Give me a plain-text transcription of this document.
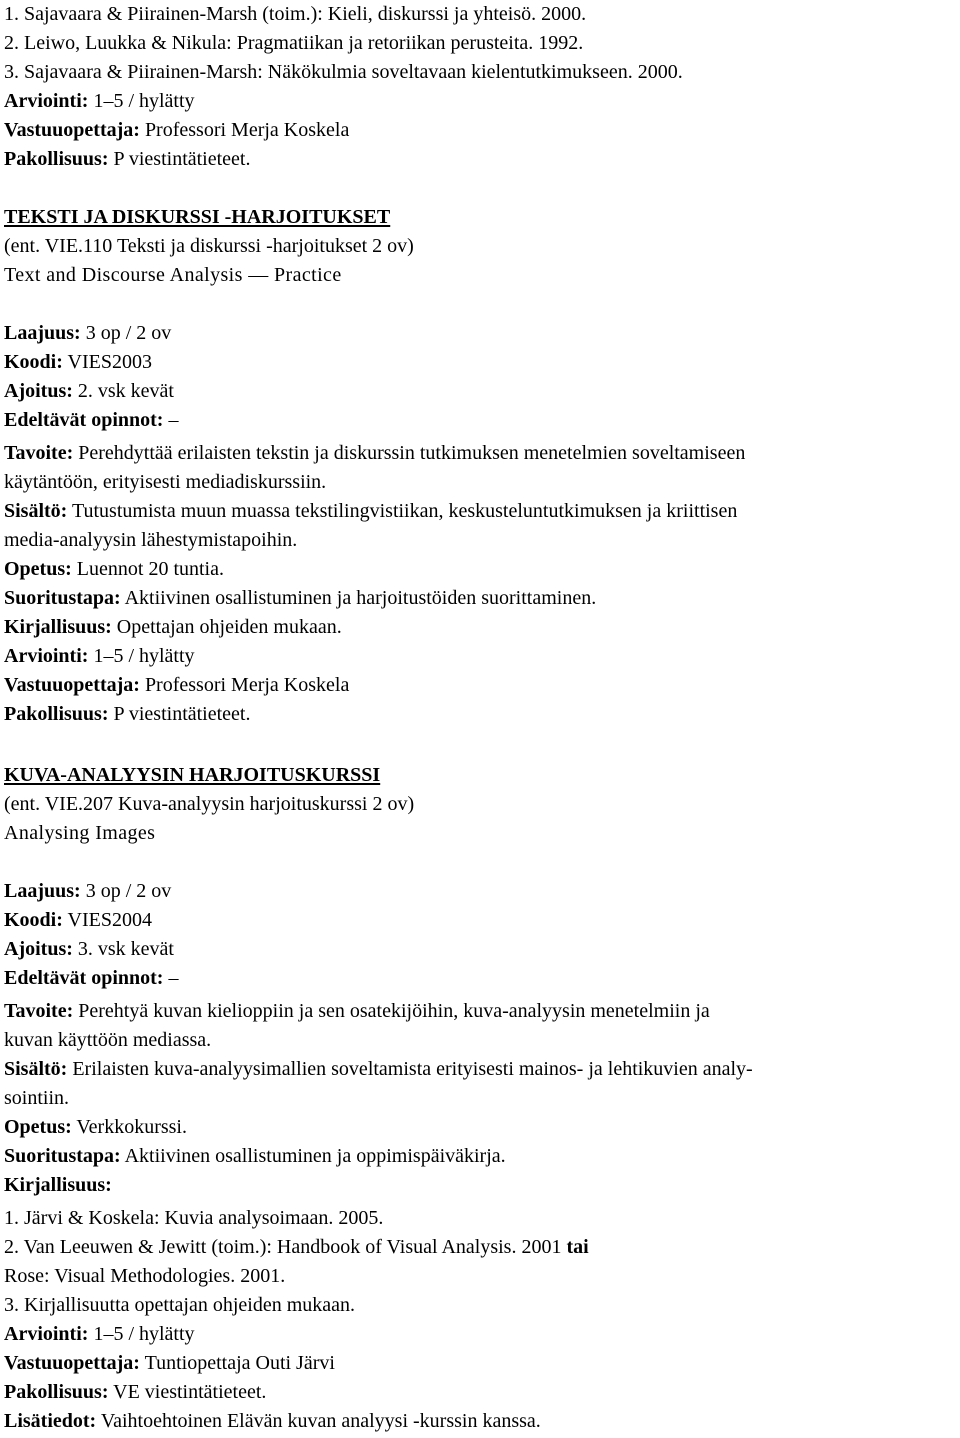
1. Sajavaara & Piirainen-Marsh (toim.): Kieli, diskurssi ja yhteisö. 2000.
2. Leiwo, Luukka & Nikula: Pragmatiikan ja retoriikan perusteita. 1992.
3. Sajavaara & Piirainen-Marsh: Näkökulmia soveltavaan kielentutkimukseen. 2000.
Arviointi: 1–5 / hylätty
Vastuuopettaja: Professori Merja Koskela
Pakollisuus: P viestintätieteet.
TEKSTI JA DISKURSSI -HARJOITUKSET
(ent. VIE.110 Teksti ja diskurssi -harjoitukset 2 ov)
Text and Discourse Analysis — Practice
Laajuus: 3 op / 2 ov
Koodi: VIES2003
Ajoitus: 2. vsk kevät
Edeltävät opinnot: –
Tavoite: Perehdyttää erilaisten tekstin ja diskurssin tutkimuksen menetelmien soveltamiseen
käytäntöön, erityisesti mediadiskurssiin.
Sisältö: Tutustumista muun muassa tekstilingvistiikan, keskusteluntutkimuksen ja kriittisen
media-analyysin lähestymistapoihin.
Opetus: Luennot 20 tuntia.
Suoritustapa: Aktiivinen osallistuminen ja harjoitustöiden suorittaminen.
Kirjallisuus: Opettajan ohjeiden mukaan.
Arviointi: 1–5 / hylätty
Vastuuopettaja: Professori Merja Koskela
Pakollisuus: P viestintätieteet.
KUVA-ANALYYSIN HARJOITUSKURSSI
(ent. VIE.207 Kuva-analyysin harjoituskurssi 2 ov)
Analysing Images
Laajuus: 3 op / 2 ov
Koodi: VIES2004
Ajoitus: 3. vsk kevät
Edeltävät opinnot: –
Tavoite: Perehtyä kuvan kielioppiin ja sen osatekijöihin, kuva-analyysin menetelmiin ja
kuvan käyttöön mediassa.
Sisältö: Erilaisten kuva-analyysimallien soveltamista erityisesti mainos- ja lehtikuvien analy-
sointiin.
Opetus: Verkkokurssi.
Suoritustapa: Aktiivinen osallistuminen ja oppimispäiväkirja.
Kirjallisuus:
1. Järvi & Koskela: Kuvia analysoimaan. 2005.
2. Van Leeuwen & Jewitt (toim.): Handbook of Visual Analysis. 2001 tai
Rose: Visual Methodologies. 2001.
3. Kirjallisuutta opettajan ohjeiden mukaan.
Arviointi: 1–5 / hylätty
Vastuuopettaja: Tuntiopettaja Outi Järvi
Pakollisuus: VE viestintätieteet.
Lisätiedot: Vaihtoehtoinen Elävän kuvan analyysi -kurssin kanssa.
